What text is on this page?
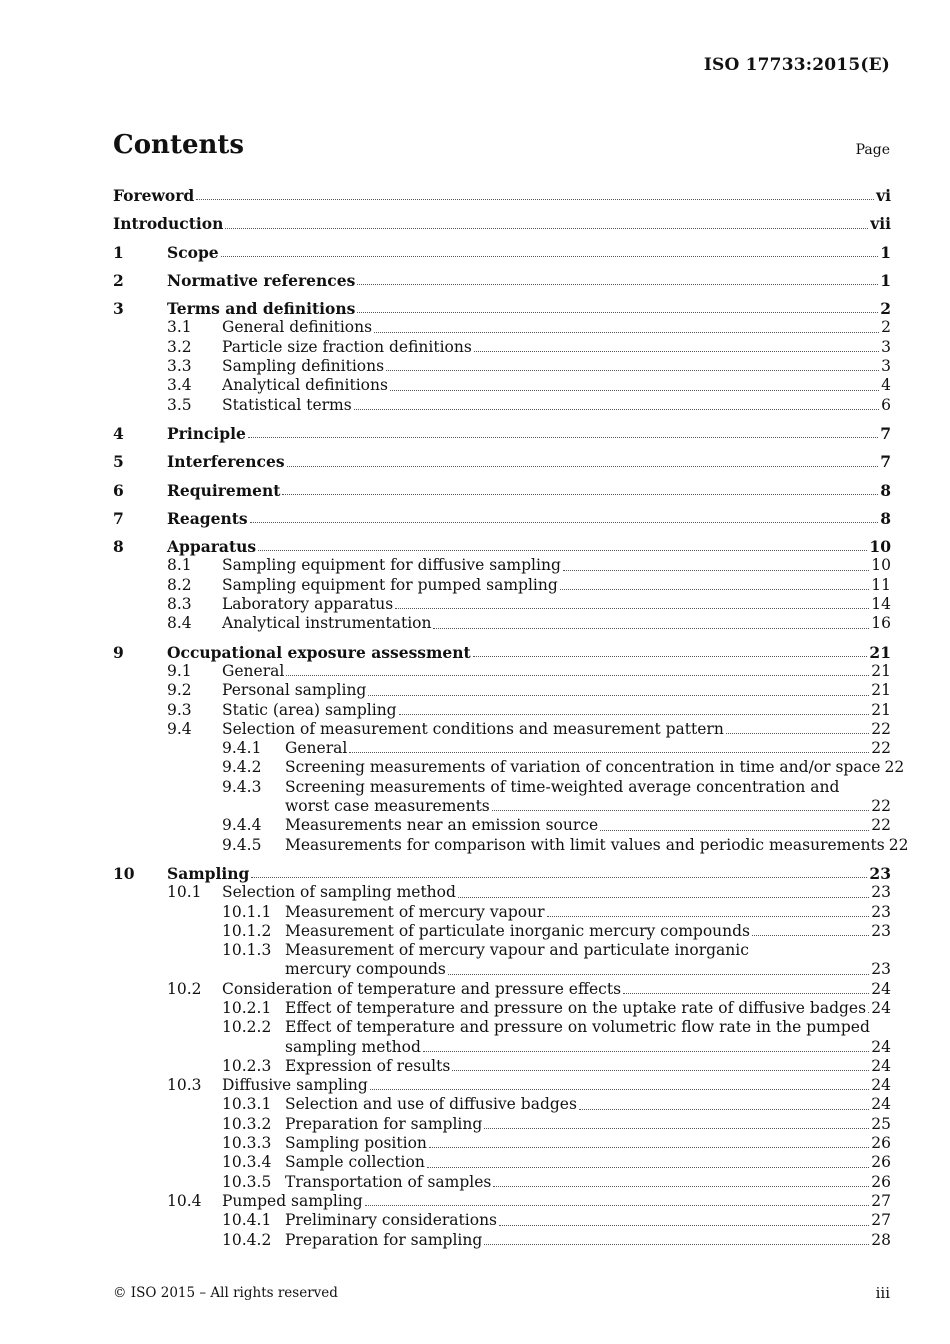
ISO 17733:2015(E)
Contents	Page
Foreword	vi
Introduction	vii
1	Scope	1
2	Normative references	1
3	Terms and definitions	2
3.1 General definitions	2
3.2 Particle size fraction definitions	3
3.3 Sampling definitions	3
3.4 Analytical definitions	4
3.5 Statistical terms	6
4	Principle	7
5	Interferences	7
6	Requirement	8
7	Reagents	8
8	Apparatus	10
8.1 Sampling equipment for diffusive sampling	10
8.2 Sampling equipment for pumped sampling	11
8.3 Laboratory apparatus	14
8.4 Analytical instrumentation	16
9	Occupational exposure assessment	21
9.1 General	21
9.2 Personal sampling	21
9.3 Static (area) sampling	21
9.4 Selection of measurement conditions and measurement pattern	22
9.4.1 General	22
9.4.2 Screening measurements of variation of concentration in time and/or space 22
9.4.3 Screening measurements of time-weighted average concentration and
worst case measurements	22
9.4.4 Measurements near an emission source	22
9.4.5 Measurements for comparison with limit values and periodic measurements 22
10 Sampling	23
10.1 Selection of sampling method	23
10.1.1 Measurement of mercury vapour	23
10.1.2 Measurement of particulate inorganic mercury compounds	23
10.1.3 Measurement of mercury vapour and particulate inorganic
mercury compounds	23
10.2 Consideration of temperature and pressure effects	24
10.2.1 Effect of temperature and pressure on the uptake rate of diffusive badges 24
10.2.2 Effect of temperature and pressure on volumetric flow rate in the pumped
sampling method	24
10.2.3 Expression of results	24
10.3 Diffusive sampling	24
10.3.1 Selection and use of diffusive badges	24
10.3.2 Preparation for sampling	25
10.3.3 Sampling position	26
10.3.4 Sample collection	26
10.3.5 Transportation of samples	26
10.4 Pumped sampling	27
10.4.1 Preliminary considerations	27
10.4.2 Preparation for sampling	28
© ISO 2015 – All rights reserved	iii
